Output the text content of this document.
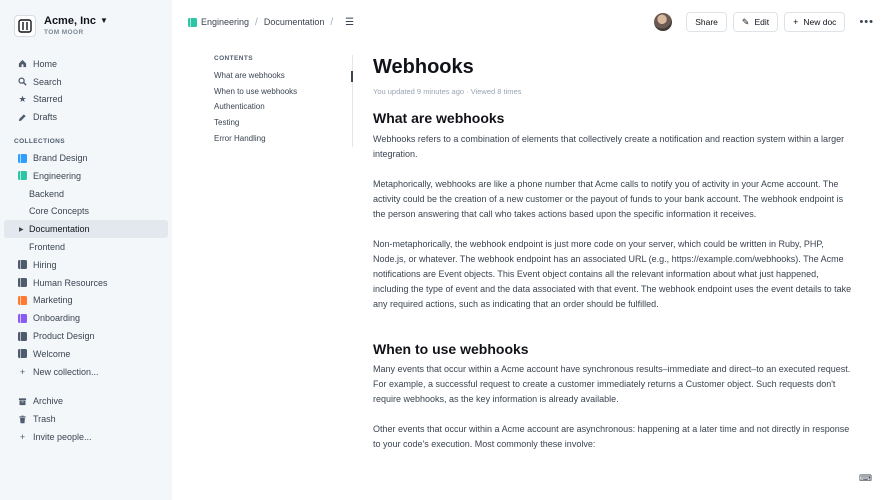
Acme, Inc ▼
TOM MOOR
Home
Search
★ Starred
Drafts
COLLECTIONS
Brand Design
Engineering
Backend
Core Concepts
▶ Documentation
Frontend
Hiring
Human Resources
Marketing
Onboarding
Product Design
Welcome
+ New collection...
Archive
Trash
+ Invite people...
Engineering / Documentation / ☰	Share	✎ Edit	+ New doc •••
CONTENTS
What are webhooks
When to use webhooks
Authentication
Testing
Error Handling
Webhooks
You updated 9 minutes ago · Viewed 8 times
What are webhooks
Webhooks refers to a combination of elements that collectively create a notification and reaction system within a larger integration.
Metaphorically, webhooks are like a phone number that Acme calls to notify you of activity in your Acme account. The activity could be the creation of a new customer or the payout of funds to your bank account. The webhook endpoint is the person answering that call who takes actions based upon the specific information it receives.
Non-metaphorically, the webhook endpoint is just more code on your server, which could be written in Ruby, PHP, Node.js, or whatever. The webhook endpoint has an associated URL (e.g., https://example.com/webhooks). The Acme notifications are Event objects. This Event object contains all the relevant information about what just happened, including the type of event and the data associated with that event. The webhook endpoint uses the event details to take any required actions, such as indicating that an order should be fulfilled.
When to use webhooks
Many events that occur within a Acme account have synchronous results–immediate and direct–to an executed request. For example, a successful request to create a customer immediately returns a Customer object. Such requests don't require webhooks, as the key information is already available.
Other events that occur within a Acme account are asynchronous: happening at a later time and not directly in response to your code's execution. Most commonly these involve:
⌨
